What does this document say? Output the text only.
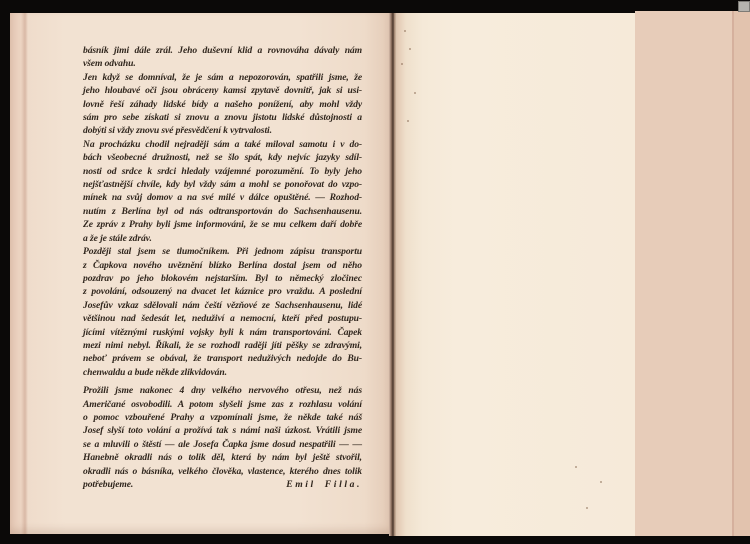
básník jimi dále zrál. Jeho duševní klid a rovnováha dávaly nám
všem odvahu.
Jen když se domníval, že je sám a nepozorován, spatřili jsme, že
jeho hloubavé oči jsou obráceny kamsi zpytavě dovnitř, jak si usi-
lovně řeší záhady lidské bídy a našeho ponížení, aby mohl vždy
sám pro sebe získati si znovu a znovu jistotu lidské důstojnosti a
dobýti si vždy znovu své přesvědčení k vytrvalosti.
Na procházku chodil nejraději sám a také miloval samotu i v do-
bách všeobecné družnosti, než se šlo spát, kdy nejvíc jazyky sdíl-
nosti od srdce k srdci hledaly vzájemné porozumění. To byly jeho
nejšťastnější chvíle, kdy byl vždy sám a mohl se ponořovat do vzpo-
mínek na svůj domov a na své milé v dálce opuštěné. — Rozhod-
nutím z Berlína byl od nás odtransportován do Sachsenhausenu.
Ze zpráv z Prahy byli jsme informováni, že se mu celkem daří dobře
a že je stále zdráv.
Později stal jsem se tlumočníkem. Při jednom zápisu transportu
z Čapkova nového uvěznění blízko Berlína dostal jsem od něho
pozdrav po jeho blokovém nejstarším. Byl to německý zločinec
z povolání, odsouzený na dvacet let káznice pro vraždu. A poslední
Josefův vzkaz sdělovali nám čeští vězňové ze Sachsenhausenu, lidé
většinou nad šedesát let, neduživí a nemocní, kteří před postupu-
jícími vítěznými ruskými vojsky byli k nám transportováni. Čapek
mezi nimi nebyl. Říkali, že se rozhodl raději jíti pěšky se zdravými,
neboť právem se obával, že transport neduživých nedojde do Bu-
chenwaldu a bude někde zlikvidován.
Prožili jsme nakonec 4 dny velkého nervového otřesu, než nás
Američané osvobodili. A potom slyšeli jsme zas z rozhlasu volání
o pomoc vzbouřené Prahy a vzpomínali jsme, že někde také náš
Josef slyší toto volání a prožívá tak s námi naši úzkost. Vrátili jsme
se a mluvili o štěstí — ale Josefa Čapka jsme dosud nespatřili — —
Hanebně okradli nás o tolik děl, která by nám byl ještě stvořil,
okradli nás o básníka, velkého člověka, vlastence, kterého dnes tolik
potřebujeme.	Emil Filla.
